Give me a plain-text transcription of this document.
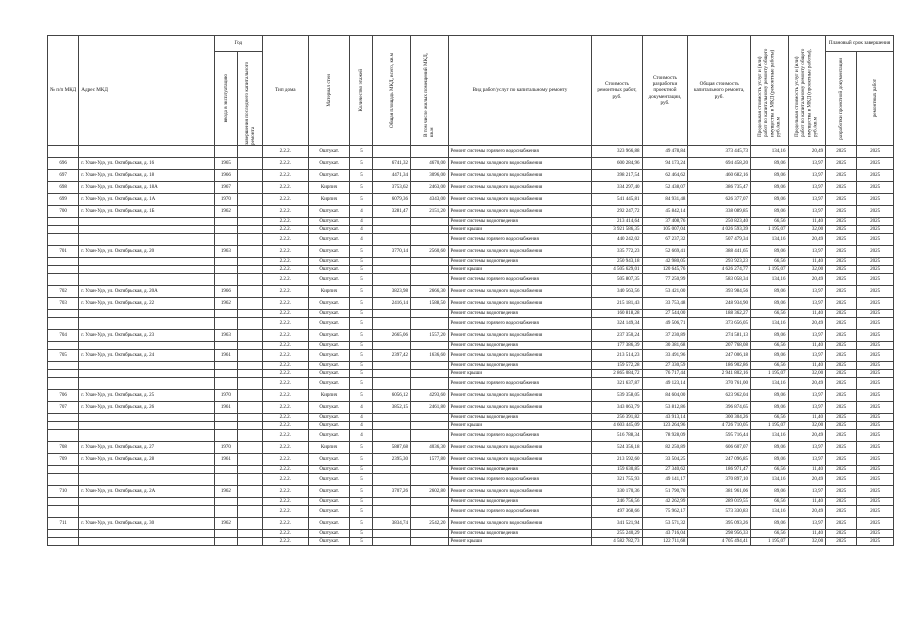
№ п/п МКД	Адрес МКД	Год		Тип дома	Материал стен	Количество этажей	Общая площадь МКД, всего, кв.м	В том числе жилых помещений МКД, кв.м	Вид работ/услуг по капитальному ремонту	Стоимость ремонтных работ, руб.	Стоимость разработки проектной документации, руб.	Общая стоимость капитального ремонта, руб.	Предельная стоимость услуг и (или) работ по капитальному ремонту общего имущества в МКД (ремонтные работы) руб./кв.м	Предельная стоимость услуг и (или) работ по капитальному ремонту общего имущества в МКД (проектные работы), руб./кв.м	Плановый срок завершения	

		ввода в эксплуатацию	завершения последнего капитального ремонта												разработки проектной документации	ремонтных работ

				2.2.2.	Оштукат.	5			Ремонт системы горячего водоснабжения	323 966,88	49 478,84	373 445,73	134,16	20,49	2025	2025
696	г. Улан-Удэ, ул. Октябрьская, д. 16	1965		2.2.2.	Оштукат.	5	6741,32	4670,00	Ремонт системы холодного водоснабжения	600 284,96	94 173,24	694 458,20	89,06	13,97	2025	2025
697	г. Улан-Удэ, ул. Октябрьская, д. 18	1966		2.2.2.	Оштукат.	5	4471,34	3096,00	Ремонт системы холодного водоснабжения	398 217,54	62 464,62	460 682,16	89,06	13,97	2025	2025
698	г. Улан-Удэ, ул. Октябрьская, д. 18А	1967		2.2.2.	Кирпич	5	3753,62	2463,00	Ремонт системы холодного водоснабжения	334 297,40	52 438,07	386 735,47	89,06	13,97	2025	2025
699	г. Улан-Удэ, ул. Октябрьская, д. 1А	1970		2.2.2.	Кирпич	5	6079,36	4343,00	Ремонт системы холодного водоснабжения	541 445,81	84 931,48	626 377,07	89,06	13,97	2025	2025
700	г. Улан-Удэ, ул. Октябрьская, д. 1Б	1962		2.2.2.	Оштукат.	4	3281,47	2151,20	Ремонт системы холодного водоснабжения	292 247,72	45 842,14	338 089,85	89,06	13,97	2025	2025
				2.2.2.	Оштукат.	4			Ремонт системы водоотведения	213 414,64	37 408,76	250 823,40	66,56	11,40	2025	2025
				2.2.2.	Оштукат.	4			Ремонт крыши	3 921 586,35	105 007,04	4 026 593,39	1 195,07	32,00	2025	2025
				2.2.2.	Оштукат.	4			Ремонт системы горячего водоснабжения	440 242,02	67 237,32	507 479,34	134,16	20,49	2025	2025
701	г. Улан-Удэ, ул. Октябрьская, д. 20	1963		2.2.2.	Оштукат.	5	3770,14	2560,60	Ремонт системы холодного водоснабжения	335 772,23	52 669,41	388 441,65	89,06	13,97	2025	2025
				2.2.2.	Оштукат.	5			Ремонт системы водоотведения	250 943,18	42 980,05	293 923,23	66,56	11,40	2025	2025
				2.2.2.	Оштукат.	5			Ремонт крыши	4 505 629,01	120 645,76	4 626 274,77	1 195,07	32,00	2025	2025
				2.2.2.	Оштукат.	5			Ремонт системы горячего водоснабжения	505 807,35	77 250,99	583 058,34	134,16	20,49	2025	2025
702	г. Улан-Удэ, ул. Октябрьская, д. 20А	1966		2.2.2.	Кирпич	5	3823,98	2666,30	Ремонт системы холодного водоснабжения	340 563,56	53 421,00	393 984,56	89,06	13,97	2025	2025
703	г. Улан-Удэ, ул. Октябрьская, д. 22	1962		2.2.2.	Оштукат.	5	2416,14	1588,50	Ремонт системы холодного водоснабжения	215 181,43	33 753,48	248 934,90	89,06	13,97	2025	2025
				2.2.2.	Оштукат.	5			Ремонт системы водоотведения	160 818,28	27 544,00	188 362,27	66,56	11,40	2025	2025
				2.2.2.	Оштукат.	5			Ремонт системы горячего водоснабжения	324 149,34	49 506,71	373 656,05	134,16	20,49	2025	2025
704	г. Улан-Удэ, ул. Октябрьская, д. 23	1963		2.2.2.	Оштукат.	5	2665,06	1557,20	Ремонт системы холодного водоснабжения	237 350,24	37 230,89	274 581,13	89,06	13,97	2025	2025
				2.2.2.	Оштукат.	5			Ремонт системы водоотведения	177 386,39	30 381,68	207 768,08	66,56	11,40	2025	2025
705	г. Улан-Удэ, ул. Октябрьская, д. 24	1961		2.2.2.	Оштукат.	5	2397,42	1636,60	Ремонт системы холодного водоснабжения	213 514,23	33 491,96	247 006,18	89,06	13,97	2025	2025
				2.2.2.	Оштукат.	5			Ремонт системы водоотведения	159 572,28	27 330,59	186 902,86	66,56	11,40	2025	2025
				2.2.2.	Оштукат.	5			Ремонт крыши	2 865 084,72	76 717,44	2 941 802,16	1 195,07	32,00	2025	2025
				2.2.2.	Оштукат.	5			Ремонт системы горячего водоснабжения	321 637,87	49 123,14	370 761,00	134,16	20,49	2025	2025
706	г. Улан-Удэ, ул. Октябрьская, д. 25	1970		2.2.2.	Кирпич	5	6056,12	4293,60	Ремонт системы холодного водоснабжения	539 358,05	84 604,00	623 962,04	89,06	13,97	2025	2025
707	г. Улан-Удэ, ул. Октябрьская, д. 26	1961		2.2.2.	Оштукат.	4	3852,15	2461,80	Ремонт системы холодного водоснабжения	343 063,79	53 812,86	396 874,65	89,06	13,97	2025	2025
				2.2.2.	Оштукат.	4			Ремонт системы водоотведения	256 391,82	43 913,14	300 304,26	66,56	11,40	2025	2025
				2.2.2.	Оштукат.	4			Ремонт крыши	4 603 445,09	123 264,96	4 726 710,05	1 195,07	32,00	2025	2025
				2.2.2.	Оштукат.	4			Ремонт системы горячего водоснабжения	516 788,34	78 928,09	595 716,44	134,16	20,49	2025	2025
708	г. Улан-Удэ, ул. Октябрьская, д. 27	1970		2.2.2.	Кирпич	5	5887,68	4036,30	Ремонт системы холодного водоснабжения	524 356,18	82 250,89	606 607,07	89,06	13,97	2025	2025
709	г. Улан-Удэ, ул. Октябрьская, д. 28	1961		2.2.2.	Оштукат.	5	2395,30	1577,80	Ремонт системы холодного водоснабжения	213 592,60	33 504,25	247 096,85	89,06	13,97	2025	2025
				2.2.2.	Оштукат.	5			Ремонт системы водоотведения	159 630,85	27 340,62	186 971,47	66,56	11,40	2025	2025
				2.2.2.	Оштукат.	5			Ремонт системы горячего водоснабжения	321 755,93	49 141,17	370 897,10	134,16	20,49	2025	2025
710	г. Улан-Удэ, ул. Октябрьская, д. 2А	1962		2.2.2.	Оштукат.	5	3707,26	2602,80	Ремонт системы холодного водоснабжения	330 170,36	51 790,70	381 961,06	89,06	13,97	2025	2025
				2.2.2.	Оштукат.	5			Ремонт системы водоотведения	246 756,56	42 262,99	289 019,55	66,56	11,40	2025	2025
				2.2.2.	Оштукат.	5			Ремонт системы горячего водоснабжения	497 368,66	75 962,17	573 330,83	134,16	20,49	2025	2025
711	г. Улан-Удэ, ул. Октябрьская, д. 30	1962		2.2.2.	Оштукат.	5	3834,74	2542,20	Ремонт системы холодного водоснабжения	341 521,94	53 571,32	395 093,26	89,06	13,97	2025	2025
				2.2.2.	Оштукат.	5			Ремонт системы водоотведения	255 240,29	43 716,04	298 956,33	66,56	11,40	2025	2025
				2.2.2.	Оштукат.	5			Ремонт крыши	4 582 782,73	122 711,68	4 705 494,41	1 195,07	32,00	2025	2025
